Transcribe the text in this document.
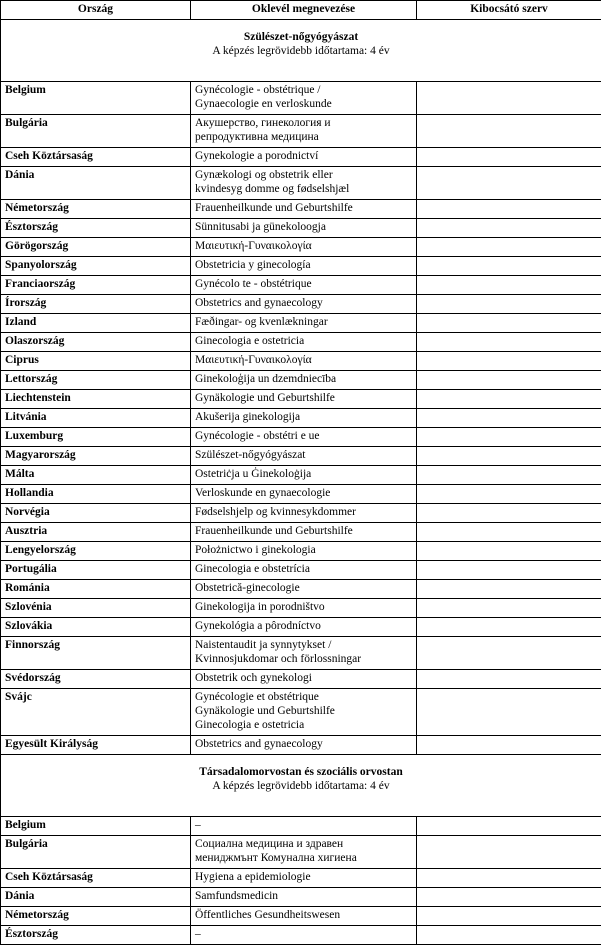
Ország	Oklevél megnevezése	Kibocsátó szerv

Szülészet-nőgyógyászat
A képzés legrövidebb időtartama: 4 év		

Belgium	Gynécologie - obstétrique /
Gynaecologie en verloskunde	

Bulgária	Акушерство, гинекология и
репродуктивна медицина	

Cseh Köztársaság	Gynekologie a porodnictví	

Dánia	Gynækologi og obstetrik eller
kvindesyg domme og fødselshjæl	

Németország	Frauenheilkunde und Geburtshilfe	

Észtország	Sünnitusabi ja günekoloogja	

Görögország	Μαιευτική-Γυναικολογία	

Spanyolország	Obstetricia y ginecología	

Franciaország	Gynécolo te - obstétrique	

Írország	Obstetrics and gynaecology	

Izland	Fæðingar- og kvenlækningar	

Olaszország	Ginecologia e ostetricia	

Ciprus	Μαιευτική-Γυναικολογία	

Lettország	Ginekoloģija un dzemdniecība	

Liechtenstein	Gynäkologie und Geburtshilfe	

Litvánia	Akušerija ginekologija	

Luxemburg	Gynécologie - obstétri e ue	

Magyarország	Szülészet-nőgyógyászat	

Málta	Ostetriċja u Ġinekoloġija	

Hollandia	Verloskunde en gynaecologie	

Norvégia	Fødselshjelp og kvinnesykdommer	

Ausztria	Frauenheilkunde und Geburtshilfe	

Lengyelország	Położnictwo i ginekologia	

Portugália	Ginecologia e obstetrícia	

Románia	Obstetrică-ginecologie	

Szlovénia	Ginekologija in porodništvo	

Szlovákia	Gynekológia a pôrodníctvo	

Finnország	Naistentaudit ja synnytykset /
Kvinnosjukdomar och förlossningar	

Svédország	Obstetrik och gynekologi	

Svájc	Gynécologie et obstétrique
Gynäkologie und Geburtshilfe
Ginecologia e ostetricia	

Egyesült Királyság	Obstetrics and gynaecology	

Társadalomorvostan és szociális orvostan
A képzés legrövidebb időtartama: 4 év		

Belgium	–	

Bulgária	Социална медицина и здравен
мениджмънт Комунална хигиена	

Cseh Köztársaság	Hygiena a epidemiologie	

Dánia	Samfundsmedicin	

Németország	Öffentliches Gesundheitswesen	

Észtország	–	
